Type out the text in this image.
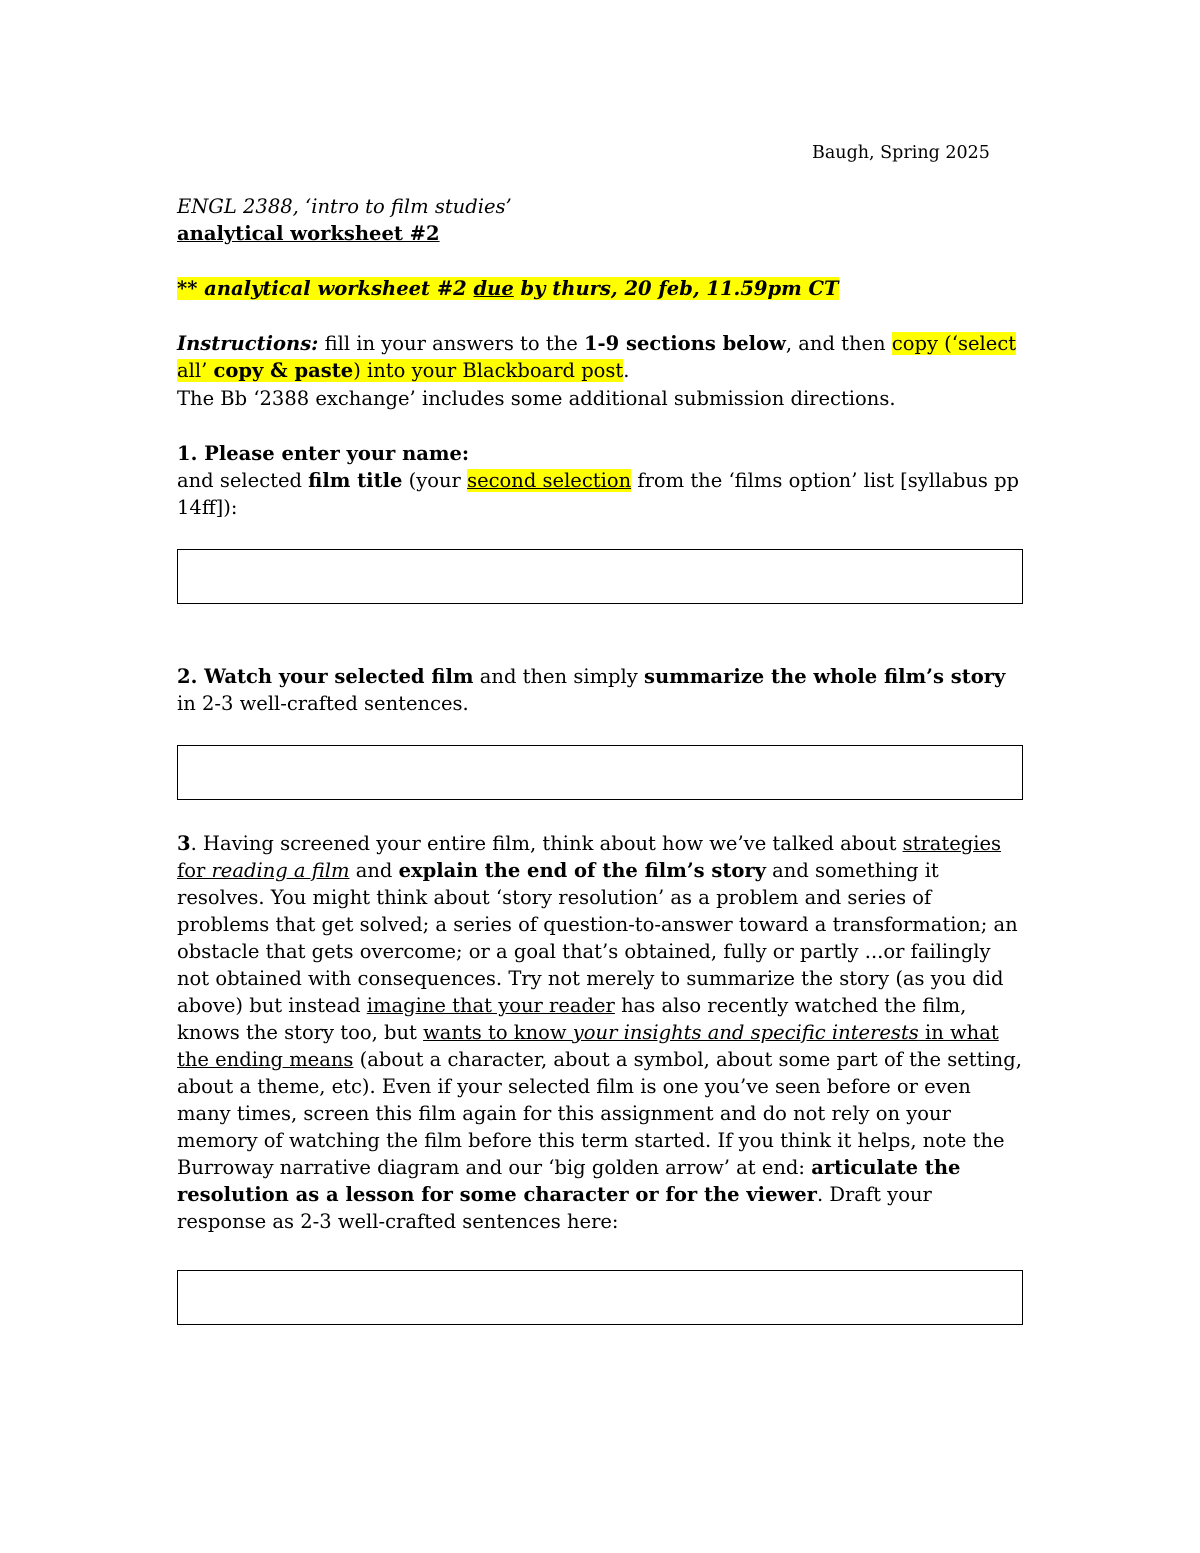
Baugh, Spring 2025

ENGL 2388, ‘intro to film studies’

analytical worksheet #2

** analytical worksheet #2 due by thurs, 20 feb, 11.59pm CT

Instructions: fill in your answers to the 1-9 sections below, and then copy (‘select all’ copy & paste) into your Blackboard post.

The Bb ‘2388 exchange’ includes some additional submission directions.

1. Please enter your name:

and selected film title (your second selection from the ‘films option’ list [syllabus pp 14ff]):

2. Watch your selected film and then simply summarize the whole film’s story in 2-3 well-crafted sentences.

3. Having screened your entire film, think about how we’ve talked about strategies for reading a film and explain the end of the film’s story and something it resolves. You might think about ‘story resolution’ as a problem and series of problems that get solved; a series of question-to-answer toward a transformation; an obstacle that gets overcome; or a goal that’s obtained, fully or partly ...or failingly not obtained with consequences. Try not merely to summarize the story (as you did above) but instead imagine that your reader has also recently watched the film, knows the story too, but wants to know your insights and specific interests in what the ending means (about a character, about a symbol, about some part of the setting, about a theme, etc). Even if your selected film is one you’ve seen before or even many times, screen this film again for this assignment and do not rely on your memory of watching the film before this term started. If you think it helps, note the Burroway narrative diagram and our ‘big golden arrow’ at end: articulate the resolution as a lesson for some character or for the viewer. Draft your response as 2-3 well-crafted sentences here:
